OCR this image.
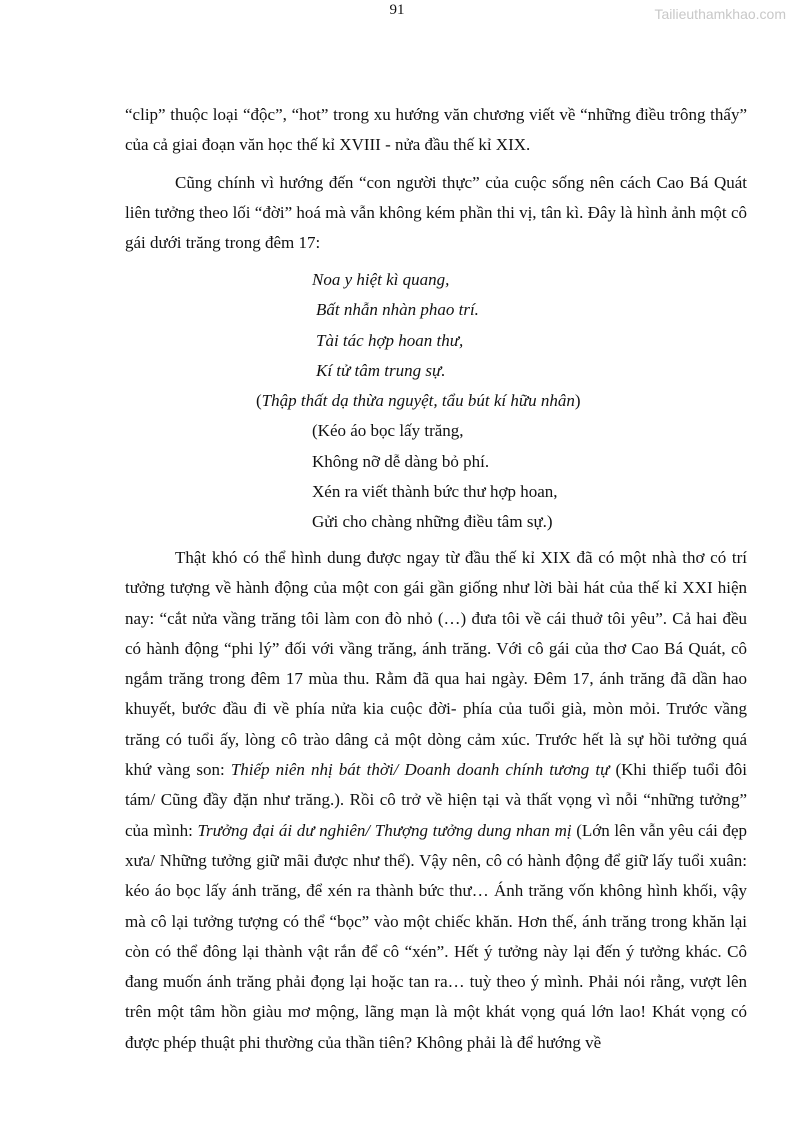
91	Tailieuthamkhao.com

“clip” thuộc loại “độc”, “hot” trong xu hướng văn chương viết về “những điều trông thấy” của cả giai đoạn văn học thế kỉ XVIII - nửa đầu thế kỉ XIX.

Cũng chính vì hướng đến “con người thực” của cuộc sống nên cách Cao Bá Quát liên tưởng theo lối “đời” hoá mà vẫn không kém phần thi vị, tân kì. Đây là hình ảnh một cô gái dưới trăng trong đêm 17:

Noa y hiệt kì quang,
Bất nhẫn nhàn phao trí.
Tài tác hợp hoan thư,
Kí tử tâm trung sự.
(Thập thất dạ thừa nguyệt, tẩu bút kí hữu nhân)
(Kéo áo bọc lấy trăng,
Không nỡ dễ dàng bỏ phí.
Xén ra viết thành bức thư hợp hoan,
Gửi cho chàng những điều tâm sự.)

Thật khó có thể hình dung được ngay từ đầu thế kỉ XIX đã có một nhà thơ có trí tưởng tượng về hành động của một con gái gần giống như lời bài hát của thế kỉ XXI hiện nay: “cắt nửa vầng trăng tôi làm con đò nhỏ (…) đưa tôi về cái thuở tôi yêu”. Cả hai đều có hành động “phi lý” đối với vầng trăng, ánh trăng. Với cô gái của thơ Cao Bá Quát, cô ngắm trăng trong đêm 17 mùa thu. Rằm đã qua hai ngày. Đêm 17, ánh trăng đã dần hao khuyết, bước đầu đi về phía nửa kia cuộc đời- phía của tuổi già, mòn mỏi. Trước vầng trăng có tuổi ấy, lòng cô trào dâng cả một dòng cảm xúc. Trước hết là sự hồi tưởng quá khứ vàng son: Thiếp niên nhị bát thời/ Doanh doanh chính tương tự (Khi thiếp tuổi đôi tám/ Cũng đầy đặn như trăng.). Rồi cô trở về hiện tại và thất vọng vì nỗi “những tưởng” của mình: Trưởng đại ái dư nghiên/ Thượng tưởng dung nhan mị (Lớn lên vẫn yêu cái đẹp xưa/ Những tưởng giữ mãi được như thế). Vậy nên, cô có hành động để giữ lấy tuổi xuân: kéo áo bọc lấy ánh trăng, để xén ra thành bức thư… Ánh trăng vốn không hình khối, vậy mà cô lại tưởng tượng có thể “bọc” vào một chiếc khăn. Hơn thế, ánh trăng trong khăn lại còn có thể đông lại thành vật rắn để cô “xén”. Hết ý tưởng này lại đến ý tưởng khác. Cô đang muốn ánh trăng phải đọng lại hoặc tan ra… tuỳ theo ý mình. Phải nói rằng, vượt lên trên một tâm hồn giàu mơ mộng, lãng mạn là một khát vọng quá lớn lao! Khát vọng có được phép thuật phi thường của thần tiên? Không phải là để hướng về
